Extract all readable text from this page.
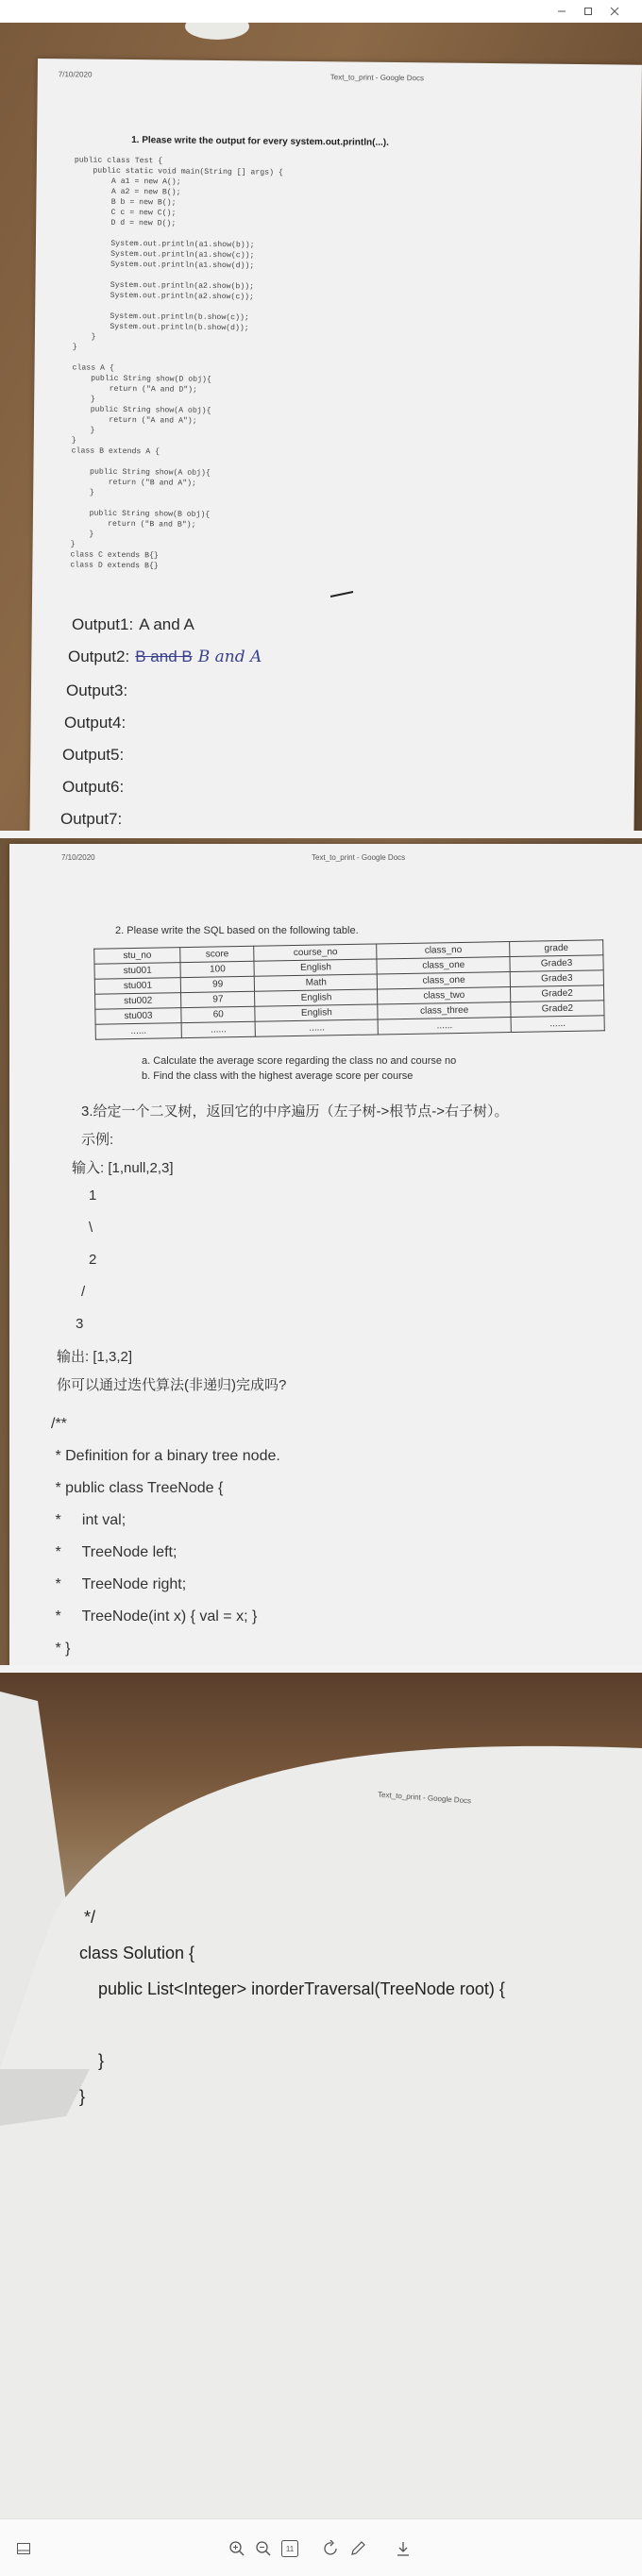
7/10/2020	Text_to_print - Google Docs
1. Please write the output for every system.out.println(...).
public class Test {
public static void main(String [] args) {
A a1 = new A();
A a2 = new B();
B b = new B();
C c = new C();
D d = new D();
System.out.println(a1.show(b));
System.out.println(a1.show(c));
System.out.println(a1.show(d));
System.out.println(a2.show(b));
System.out.println(a2.show(c));
System.out.println(b.show(c));
System.out.println(b.show(d));
}
}
class A {
public String show(D obj){
return ("A and D");
}
public String show(A obj){
return ("A and A");
}
}
class B extends A {
public String show(A obj){
return ("B and A");
}
public String show(B obj){
return ("B and B");
}
}
class C extends B{}
class D extends B{}
Output1: A and A
Output2: B and B B and A
Output3:
Output4:
Output5:
Output6:
Output7:
7/10/2020	Text_to_print - Google Docs
2. Please write the SQL based on the following table.
stu_no	score	course_no	class_no	grade
stu001	100	English	class_one	Grade3
stu001	99	Math	class_one	Grade3
stu002	97	English	class_two	Grade2
stu003	60	English	class_three	Grade2
......	......	......	......	......
a. Calculate the average score regarding the class no and course no
b. Find the class with the highest average score per course
3.给定一个二叉树，返回它的中序遍历（左子树->根节点->右子树）。
示例:
输入: [1,null,2,3]
1
\
2
/
3
输出: [1,3,2]
你可以通过迭代算法(非递归)完成吗?
/**
* Definition for a binary tree node.
* public class TreeNode {
*     int val;
*     TreeNode left;
*     TreeNode right;
*     TreeNode(int x) { val = x; }
* }
Text_to_print - Google Docs
*/
class Solution {
public List<Integer> inorderTraversal(TreeNode root) {
}
}
11
